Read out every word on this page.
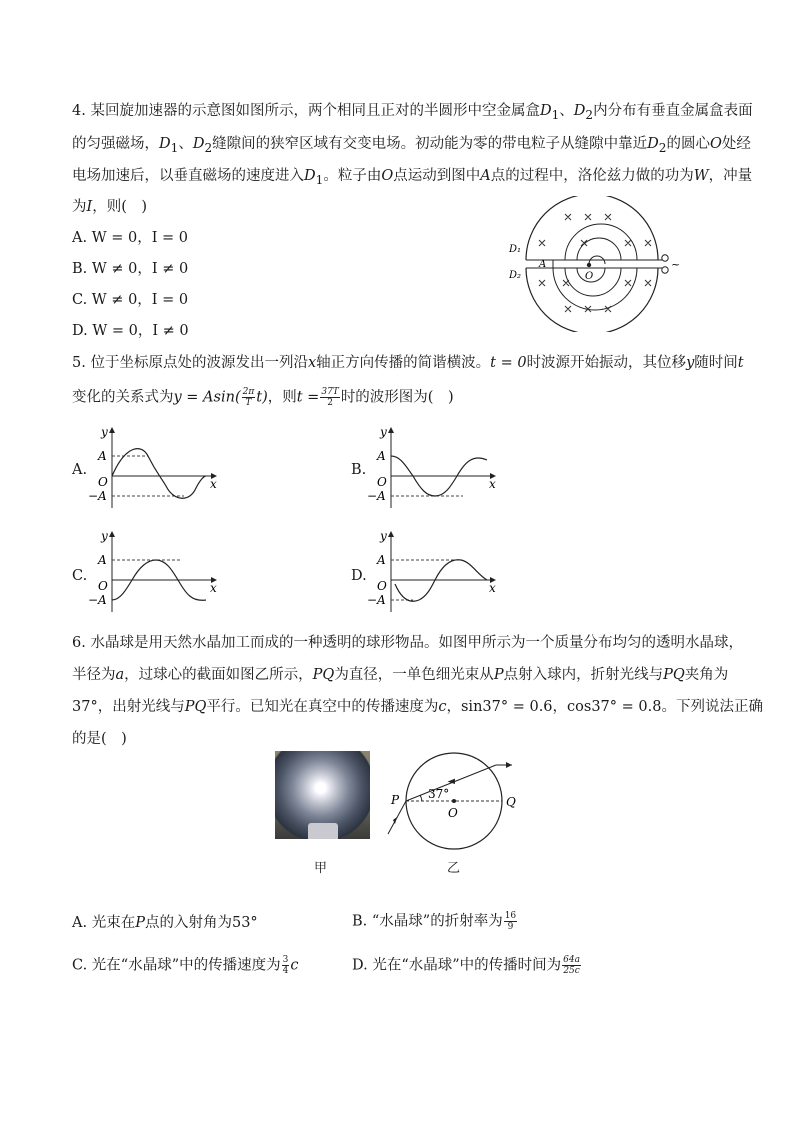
4. 某回旋加速器的示意图如图所示，两个相同且正对的半圆形中空金属盒$D_1$、$D_2$内分布有垂直金属盒表面
的匀强磁场，$D_1$、$D_2$缝隙间的狭窄区域有交变电场。初动能为零的带电粒子从缝隙中靠近$D_2$的圆心O处经
电场加速后，以垂直磁场的速度进入$D_1$。粒子由O点运动到图中A点的过程中，洛伦兹力做的功为W，冲量
为I，则(　)
A. W = 0，I = 0
B. W ≠ 0，I ≠ 0
C. W ≠ 0，I = 0
D. W = 0，I ≠ 0
~
D₁
D₂
A
O
5. 位于坐标原点处的波源发出一列沿x轴正方向传播的简谐横波。t = 0时波源开始振动，其位移y随时间t
变化的关系式为$y = Asin( \frac{2\pi}{T} t)$，则$t = \frac{37T}{2}$ 时的波形图为(　)
A.	B.
C.	D.
y
x
A
O
−A
y
x
A
O
−A
y
x
A
O
−A
y
x
A
O
−A
6. 水晶球是用天然水晶加工而成的一种透明的球形物品。如图甲所示为一个质量分布均匀的透明水晶球，
半径为a，过球心的截面如图乙所示，PQ为直径，一单色细光束从P点射入球内，折射光线与PQ夹角为
37°，出射光线与PQ平行。已知光在真空中的传播速度为c，sin37° = 0.6，cos37° = 0.8。下列说法正确
的是(　)
甲
P	Q
O
37°
乙
A. 光束在P点的入射角为53°	B. “水晶球”的折射率为 $\frac{16}{9}$
C. 光在“水晶球”中的传播速度为 $\frac{3}{4}$ c	D. 光在“水晶球”中的传播时间为 $\frac{64a}{25c}$
